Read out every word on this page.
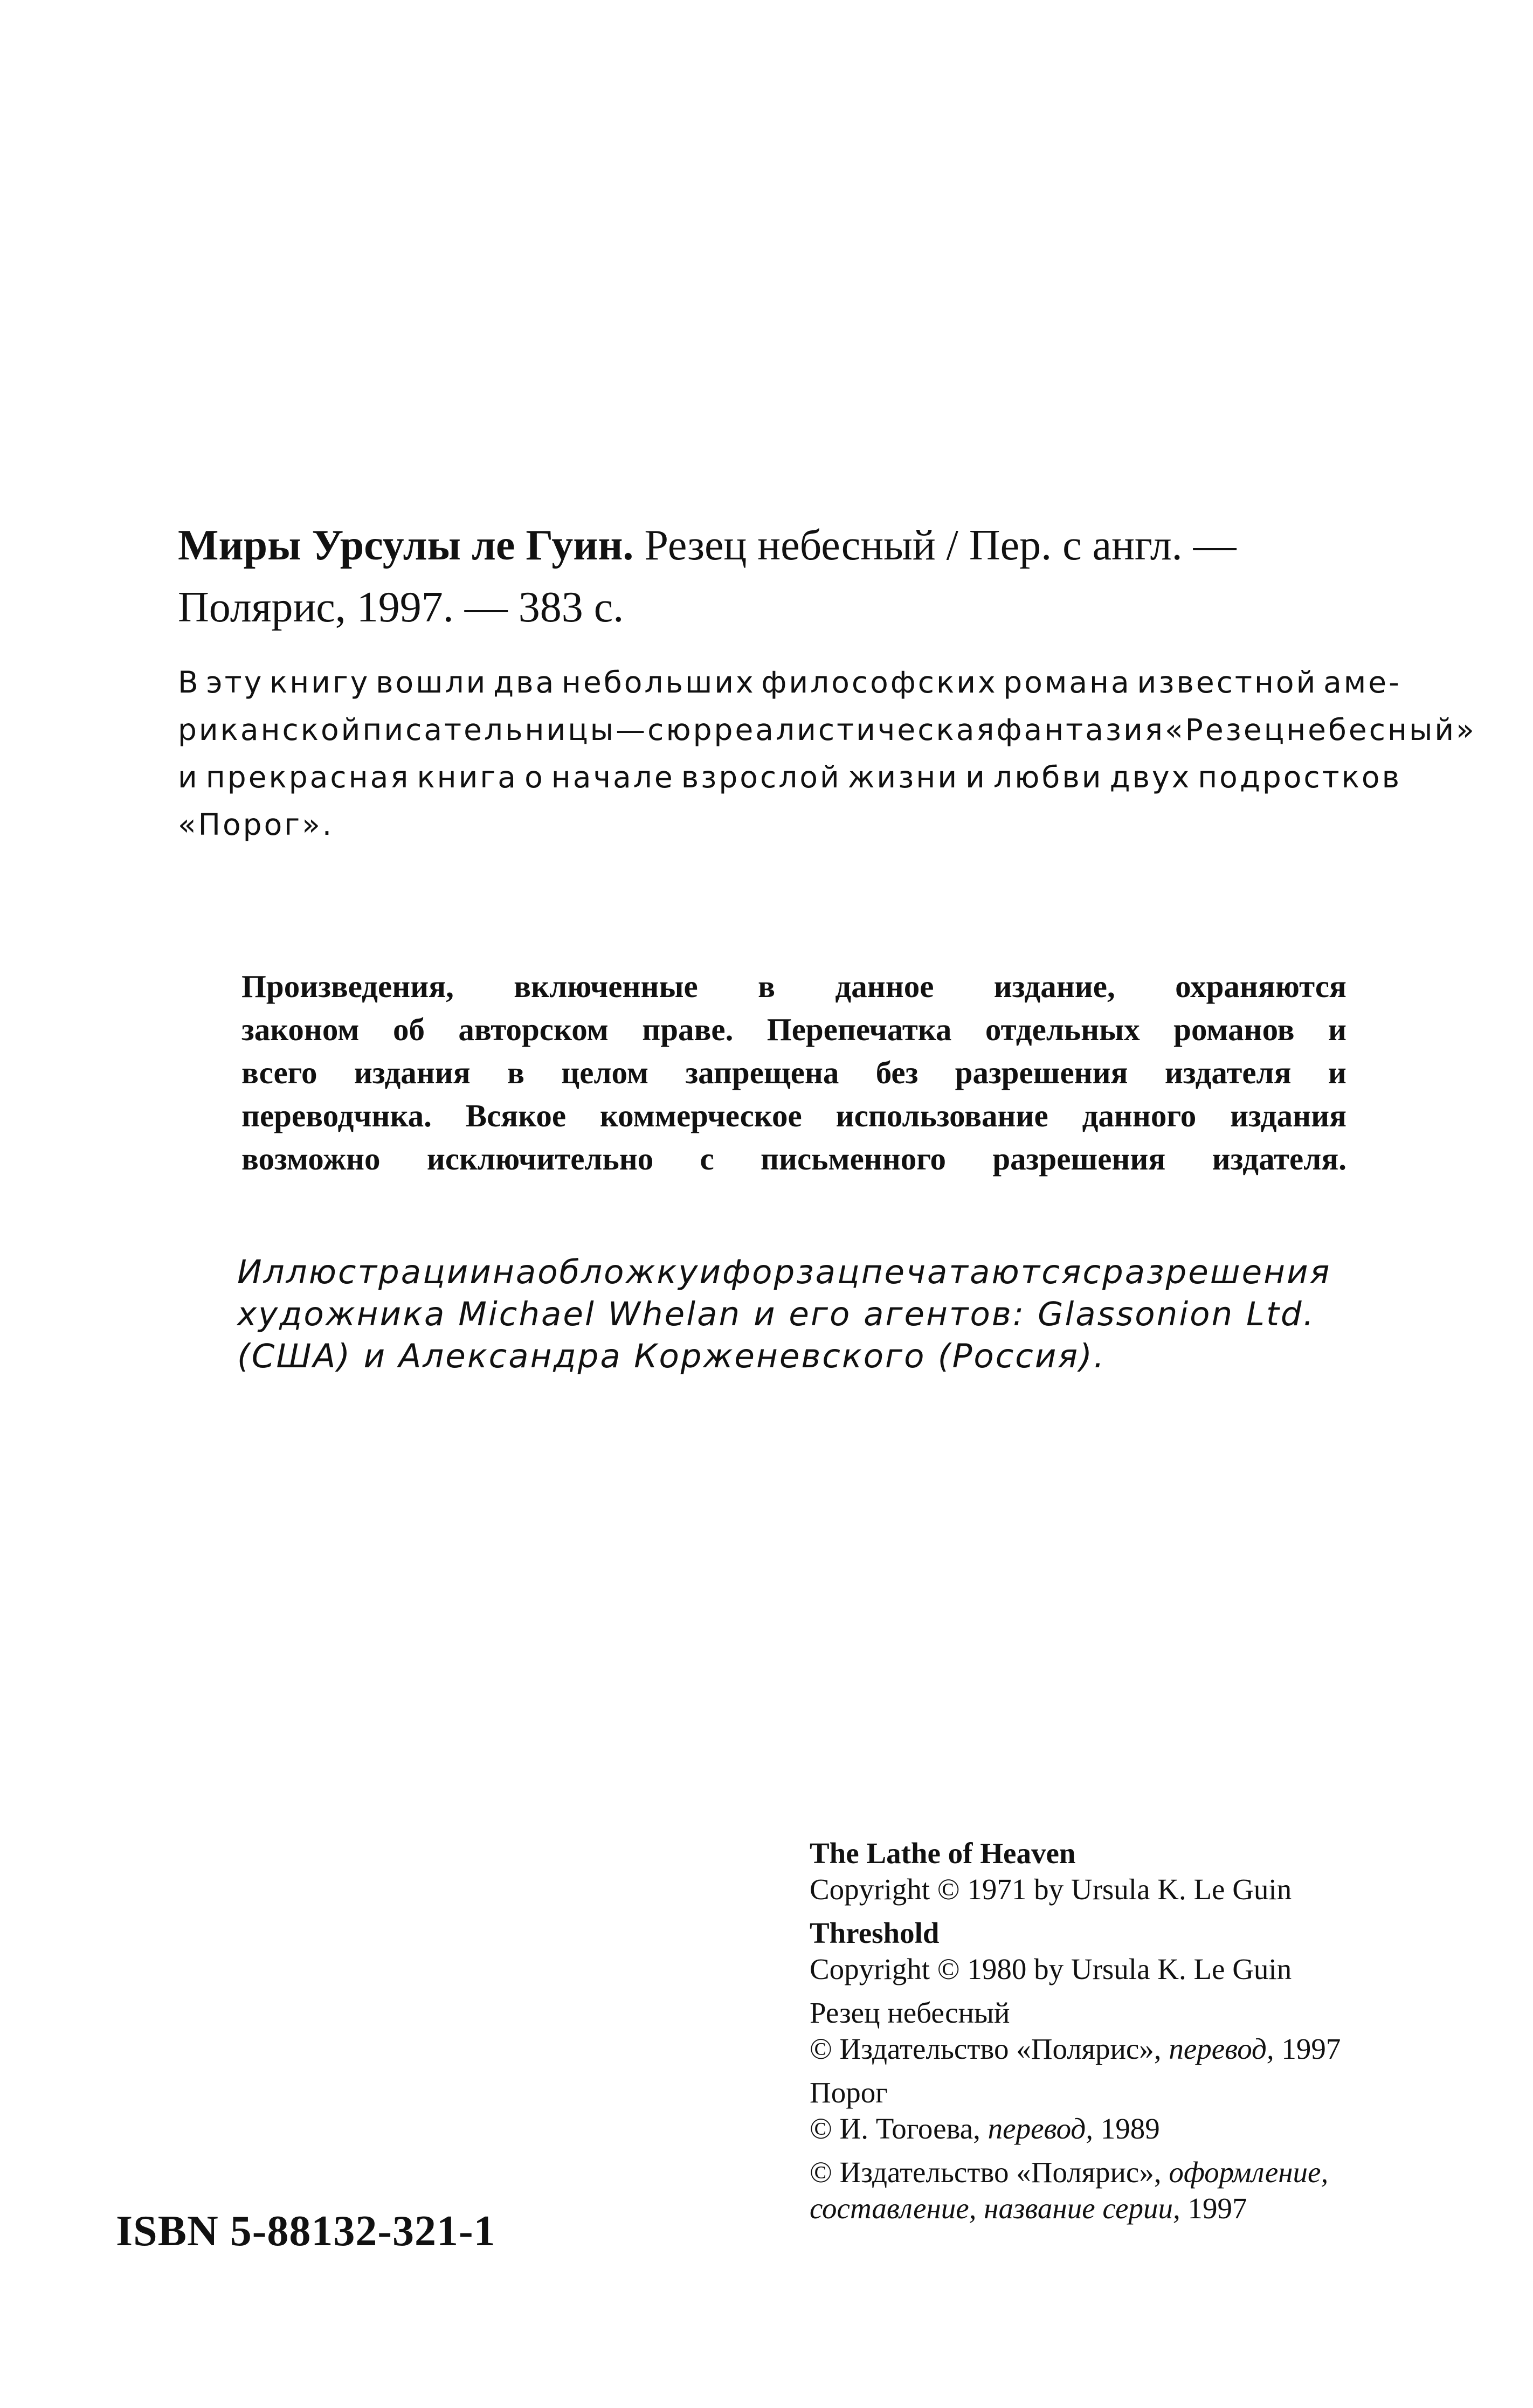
Миры Урсулы ле Гуин. Резец небесный / Пер. с англ. —
Полярис, 1997. — 383 с.
В эту книгу вошли два небольших философских романа известной аме-
риканской писательницы — сюрреалистическая фантазия «Резец небесный»
и прекрасная книга о начале взрослой жизни и любви двух подростков
«Порог».
Произведения, включенные в данное издание, охраняются
законом об авторском праве. Перепечатка отдельных романов и
всего издания в целом запрещена без разрешения издателя и
переводчнка. Всякое коммерческое использование данного издания
возможно исключительно с письменного разрешения издателя.
Иллюстрации на обложку и форзац печатаются с разрешения
художника Michael Whelan и его агентов: Glassonion Ltd.
(США) и Александра Корженевского (Россия).
The Lathe of Heaven
Copyright © 1971 by Ursula K. Le Guin
Threshold
Copyright © 1980 by Ursula K. Le Guin
Резец небесный
© Издательство «Полярис», перевод, 1997
Порог
© И. Тогоева, перевод, 1989
© Издательство «Полярис», оформление,
составление, название серии, 1997
ISBN 5-88132-321-1
